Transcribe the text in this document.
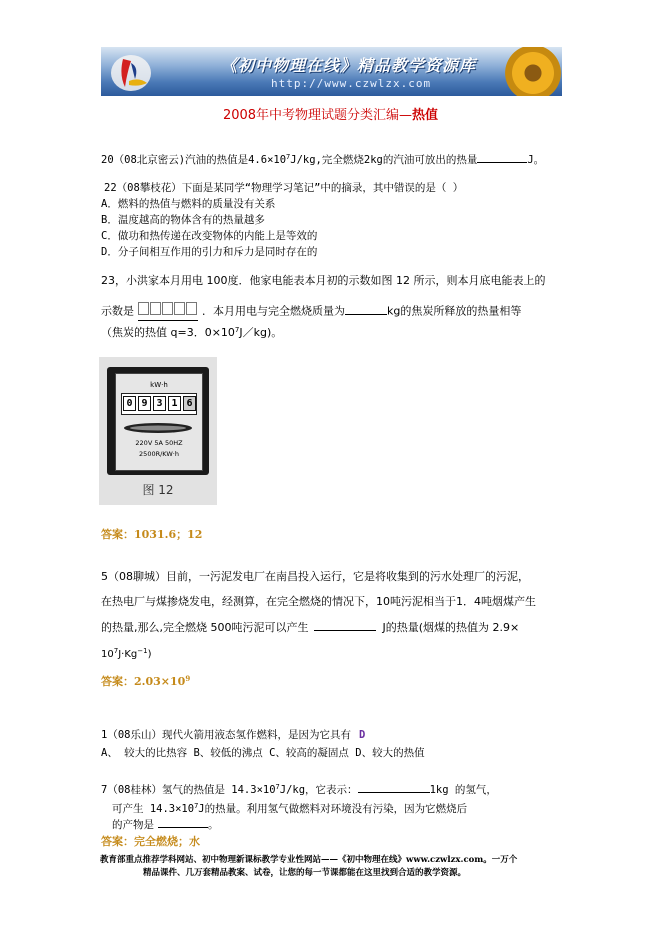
《初中物理在线》精品教学资源库
http://www.czwlzx.com
2008年中考物理试题分类汇编—热值
20（08北京密云)汽油的热值是$4.6\times 10^7J/kg$,完全燃烧2kg的汽油可放出的热量	J。
22（08攀枝花）下面是某同学“物理学习笔记”中的摘录，其中错误的是（ ）
A．燃料的热值与燃料的质量没有关系
B．温度越高的物体含有的热量越多
C．做功和热传递在改变物体的内能上是等效的
D．分子间相互作用的引力和斥力是同时存在的
23，小洪家本月用电 100度．他家电能表本月初的示数如图 12 所示，则本月底电能表上的
示数是	．本月用电与完全燃烧质量为	kg的焦炭所释放的热量相等
（焦炭的热值 q=3．$0\times 10^7J/kg$)。
kW·h
0 9 3 1 6
220V 5A 50HZ
2500R/KW·h
图 12
答案：1031.6；12
5（08聊城）目前，一污泥发电厂在南昌投入运行，它是将收集到的污水处理厂的污泥，
在热电厂与煤掺烧发电，经测算，在完全燃烧的情况下，10吨污泥相当于1．4吨烟煤产生
的热量,那么,完全燃烧 500吨污泥可以产生	J的热量(烟煤的热值为 2.9×
$10^7J\cdot Kg^{-1}$)
答案：$2.03\times 10^9$
1（08乐山）现代火箭用液态氢作燃料，是因为它具有 D
A、 较大的比热容 B、较低的沸点 C、较高的凝固点 D、较大的热值
7（08桂林）氢气的热值是 $14.3\times 10^7J/kg$，它表示：	1kg 的氢气，
可产生 $14.3\times 10^7J$的热量。利用氢气做燃料对环境没有污染，因为它燃烧后
的产物是	。
答案：完全燃烧；水
教育部重点推荐学科网站、初中物理新课标教学专业性网站——《初中物理在线》www.czwlzx.com。一万个
精品课件、几万套精品教案、试卷，让您的每一节课都能在这里找到合适的教学资源。
